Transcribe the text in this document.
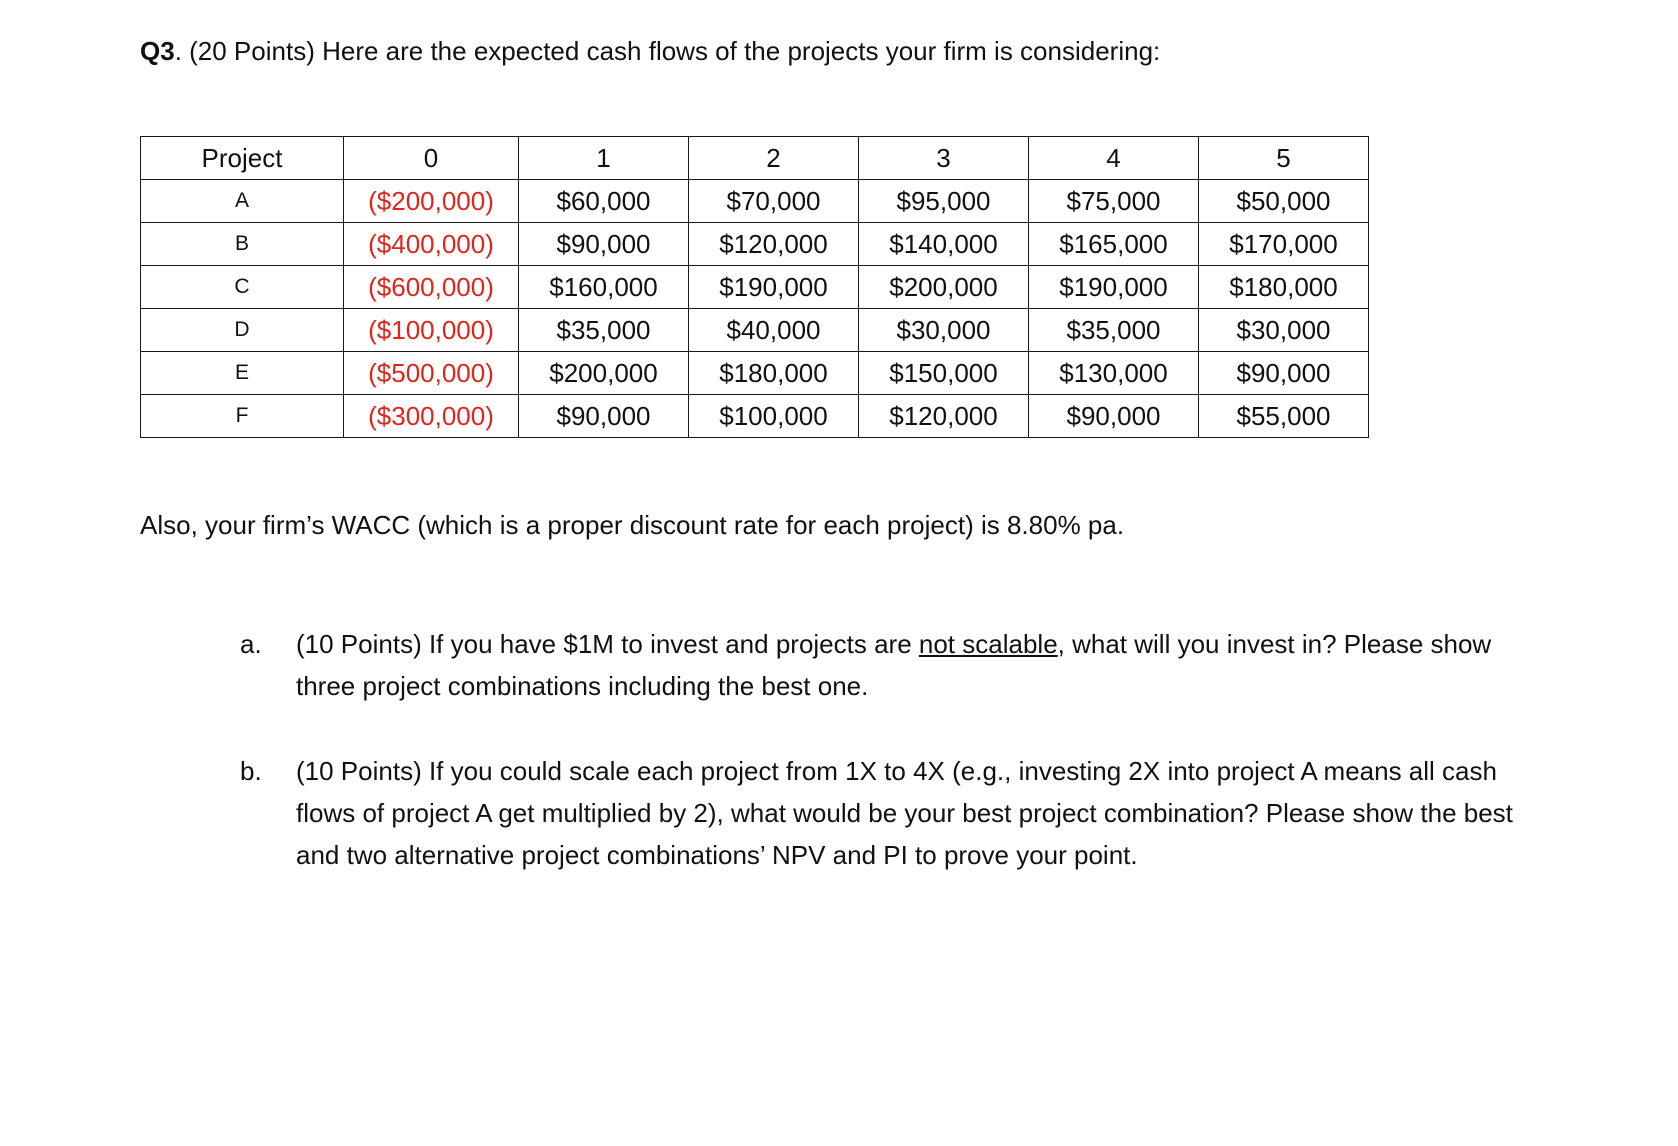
Q3. (20 Points) Here are the expected cash flows of the projects your firm is considering:
Project	0	1	2	3	4	5
A	($200,000)	$60,000	$70,000	$95,000	$75,000	$50,000
B	($400,000)	$90,000	$120,000	$140,000	$165,000	$170,000
C	($600,000)	$160,000	$190,000	$200,000	$190,000	$180,000
D	($100,000)	$35,000	$40,000	$30,000	$35,000	$30,000
E	($500,000)	$200,000	$180,000	$150,000	$130,000	$90,000
F	($300,000)	$90,000	$100,000	$120,000	$90,000	$55,000
Also, your firm’s WACC (which is a proper discount rate for each project) is 8.80% pa.
a. (10 Points) If you have $1M to invest and projects are not scalable, what will you invest in? Please show three project combinations including the best one.
b. (10 Points) If you could scale each project from 1X to 4X (e.g., investing 2X into project A means all cash flows of project A get multiplied by 2), what would be your best project combination? Please show the best and two alternative project combinations’ NPV and PI to prove your point.
